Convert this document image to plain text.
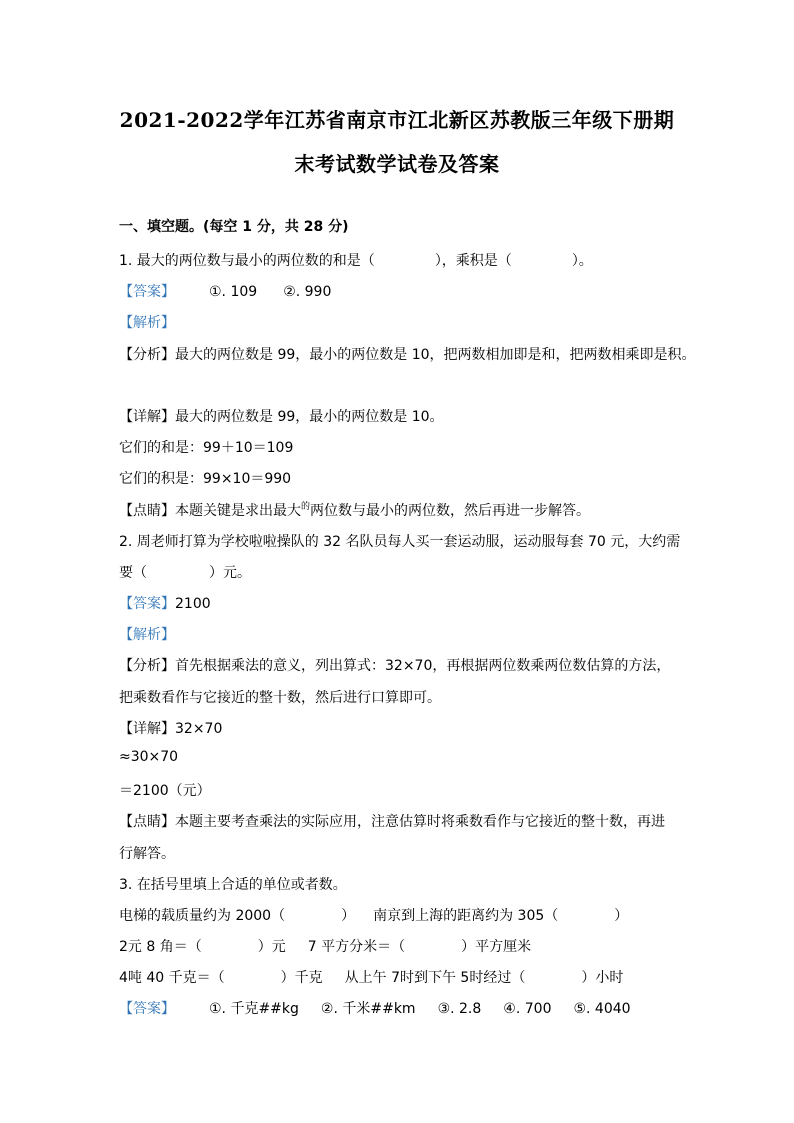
2021-2022学年江苏省南京市江北新区苏教版三年级下册期
末考试数学试卷及答案
一、填空题。(每空 1 分，共 28 分)
1. 最大的两位数与最小的两位数的和是（	），乘积是（	）。
【答案】 ①. 109 ②. 990
【解析】
【分析】最大的两位数是 99，最小的两位数是 10，把两数相加即是和，把两数相乘即是积。
【详解】最大的两位数是 99，最小的两位数是 10。
它们的和是：99＋10＝109
它们的积是：99×10＝990
【点睛】本题关键是求出最大$^的$两位数与最小的两位数，然后再进一步解答。
2. 周老师打算为学校啦啦操队的 32 名队员每人买一套运动服，运动服每套 70 元，大约需
要（	）元。
【答案】2100
【解析】
【分析】首先根据乘法的意义，列出算式：32×70，再根据两位数乘两位数估算的方法，
把乘数看作与它接近的整十数，然后进行口算即可。
【详解】32×70
≈30×70
＝2100（元）
【点睛】本题主要考查乘法的实际应用，注意估算时将乘数看作与它接近的整十数，再进
行解答。
3. 在括号里填上合适的单位或者数。
电梯的载质量约为 2000（	） 南京到上海的距离约为 305（	）
2元 8 角＝（	）元 7 平方分米＝（	）平方厘米
4吨 40 千克＝（	）千克 从上午 7时到下午 5时经过（	）小时
【答案】 ①. 千克##kg ②. 千米##km ③. 2.8 ④. 700 ⑤. 4040
